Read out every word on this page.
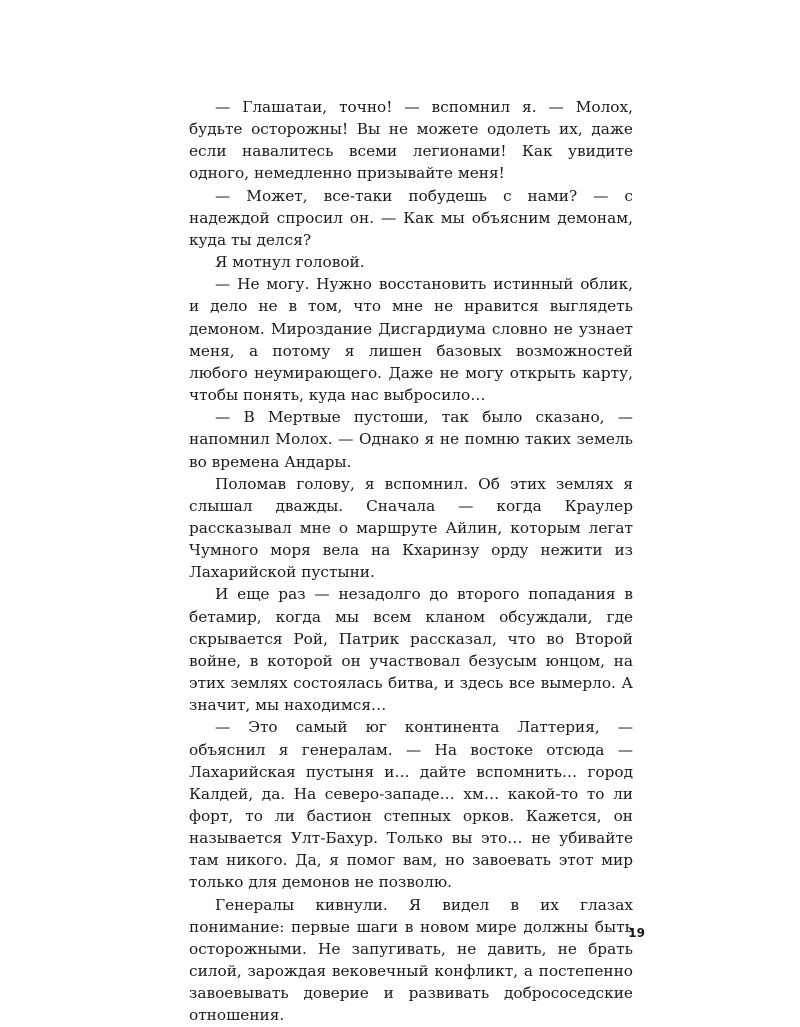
— Глашатаи, точно! — вспомнил я. — Молох, будьте осторожны! Вы не можете одолеть их, даже если навалитесь всеми легионами! Как увидите одного, немедленно призывайте меня!

— Может, все-таки побудешь с нами? — с надеждой спросил он. — Как мы объясним демонам, куда ты делся?

Я мотнул головой.

— Не могу. Нужно восстановить истинный облик, и дело не в том, что мне не нравится выглядеть демоном. Мироздание Дисгардиума словно не узнает меня, а потому я лишен базовых возможностей любого неумирающего. Даже не могу открыть карту, чтобы понять, куда нас выбросило…

— В Мертвые пустоши, так было сказано, — напомнил Молох. — Однако я не помню таких земель во времена Андары.

Поломав голову, я вспомнил. Об этих землях я слышал дважды. Сначала — когда Краулер рассказывал мне о маршруте Айлин, которым легат Чумного моря вела на Кхаринзу орду нежити из Лахарийской пустыни.

И еще раз — незадолго до второго попадания в бетамир, когда мы всем кланом обсуждали, где скрывается Рой, Патрик рассказал, что во Второй войне, в которой он участвовал безусым юнцом, на этих землях состоялась битва, и здесь все вымерло. А значит, мы находимся…

— Это самый юг континента Латтерия, — объяснил я генералам. — На востоке отсюда — Лахарийская пустыня и… дайте вспомнить… город Калдей, да. На северо-западе… хм… какой-то то ли форт, то ли бастион степных орков. Кажется, он называется Улт-Бахур. Только вы это… не убивайте там никого. Да, я помог вам, но завоевать этот мир только для демонов не позволю.

Генералы кивнули. Я видел в их глазах понимание: первые шаги в новом мире должны быть осторожными. Не запугивать, не давить, не брать силой, зарождая вековечный конфликт, а постепенно завоевывать доверие и развивать добрососедские отношения.

19
